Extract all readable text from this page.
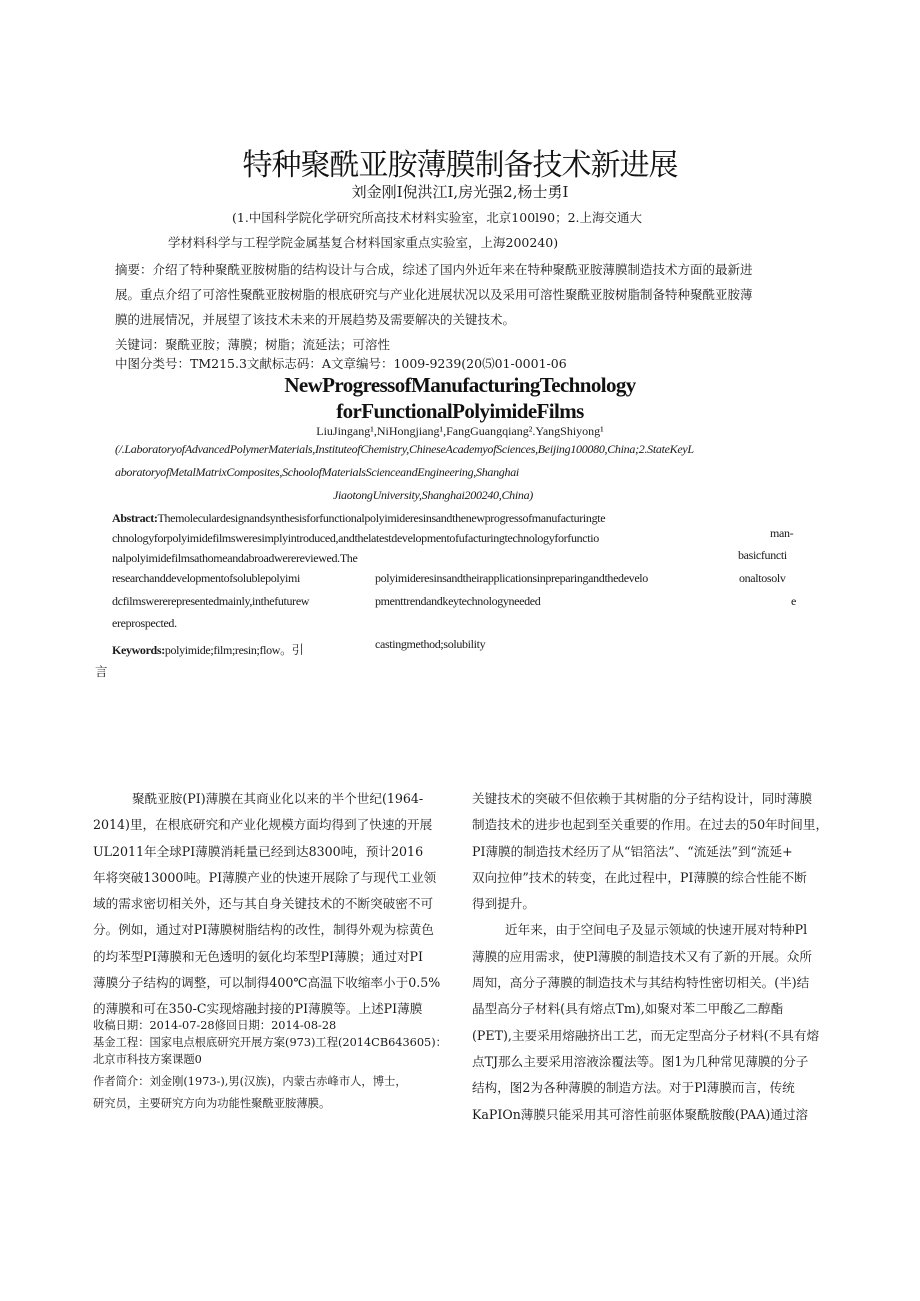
特种聚酰亚胺薄膜制备技术新进展
刘金刚I倪洪江I,房光强2,杨士勇I
(1.中国科学院化学研究所高技术材料实验室，北京100l90；2.上海交通大
学材料科学与工程学院金属基复合材料国家重点实验室，上海200240)
摘要：介绍了特种聚酰亚胺树脂的结构设计与合成，综述了国内外近年来在特种聚酰亚胺薄膜制造技术方面的最新进
展。重点介绍了可溶性聚酰亚胺树脂的根底研究与产业化进展状况以及采用可溶性聚酰亚胺树脂制备特种聚酰亚胺薄
膜的进展情况，并展望了该技术未来的开展趋势及需要解决的关键技术。
关键词：聚酰亚胺；薄膜；树脂；流延法；可溶性
中图分类号：TM215.3文献标志码：A文章编号：1009-9239(20⑸01-0001-06
NewProgressofManufacturingTechnology
forFunctionalPolyimideFilms
LiuJingang¹,NiHongjiang¹,FangGuangqiang².YangShiyong¹
(/.LaboratoryofAdvancedPolymerMaterials,InstituteofChemistry,ChineseAcademyofSciences,Beijing100080,China;2.StateKeyL
aboratoryofMetalMatrixComposites,SchoolofMaterialsScienceandEngineering,Shanghai
JiaotongUniversity,Shanghai200240,China)
Abstract:Themoleculardesignandsynthesisforfunctionalpolyimideresinsandthenewprogressofmanufacturingte
chnologyforpolyimidefilmsweresimplyintroduced,andthelatestdevelopmentofufacturingtechnologyforfunctio
nalpolyimidefilmsathomeandabroadwerereviewed.The
researchanddevelopmentofsolublepolyimi
dcfilmswererepresentedmainly,inthefuturew
ereprospected.
polyimideresinsandtheirapplicationsinpreparingandthedevelo
pmenttrendandkeytechnologyneeded
man-
basicfuncti
onaltosolv
e
Keywords:polyimide;film;resin;flow。引
言
castingmethod;solubility
聚酰亚胺(PI)薄膜在其商业化以来的半个世纪(1964-
2014)里，在根底研究和产业化规模方面均得到了快速的开展
UL2011年全球PI薄膜消耗量已经到达8300吨，预计2016
年将突破13000吨。PI薄膜产业的快速开展除了与现代工业领
域的需求密切相关外，还与其自身关键技术的不断突破密不可
分。例如，通过对PI薄膜树脂结构的改性，制得外观为棕黄色
的均苯型PI薄膜和无色透明的氨化均苯型PI薄膜；通过对PI
薄膜分子结构的调整，可以制得400℃高温下收缩率小于0.5%
的薄膜和可在350-C实现熔融封接的PI薄膜等。上述PI薄膜
收稿日期：2014-07-28修回日期：2014-08-28
基金工程：国家电点根底研究开展方案(973)工程(2014CB643605)：
北京市科技方案课题0
作者简介：刘金刚(1973-),男(汉族)，内蒙古赤峰市人，博士，
研究员，主要研究方向为功能性聚酰亚胺薄膜。
关键技术的突破不但依赖于其树脂的分子结构设计，同时薄膜
制造技术的进步也起到至关重要的作用。在过去的50年时间里，
PI薄膜的制造技术经历了从“铝箔法”、“流延法”到“流延+
双向拉伸”技术的转变，在此过程中，PI薄膜的综合性能不断
得到提升。
近年来，由于空间电子及显示领域的快速开展对特种Pl
薄膜的应用需求，使Pl薄膜的制造技术又有了新的开展。众所
周知，高分子薄膜的制造技术与其结构特性密切相关。(半)结
晶型高分子材料(具有熔点Tm),如聚对苯二甲酸乙二醇酯
(PET),主要采用熔融挤出工艺，而无定型高分子材料(不具有熔
点TJ那么主要采用溶液涂覆法等。图1为几种常见薄膜的分子
结构，图2为各种薄膜的制造方法。对于Pl薄膜而言，传统
KaPIOn薄膜只能采用其可溶性前驱体聚酰胺酸(PAA)通过溶
